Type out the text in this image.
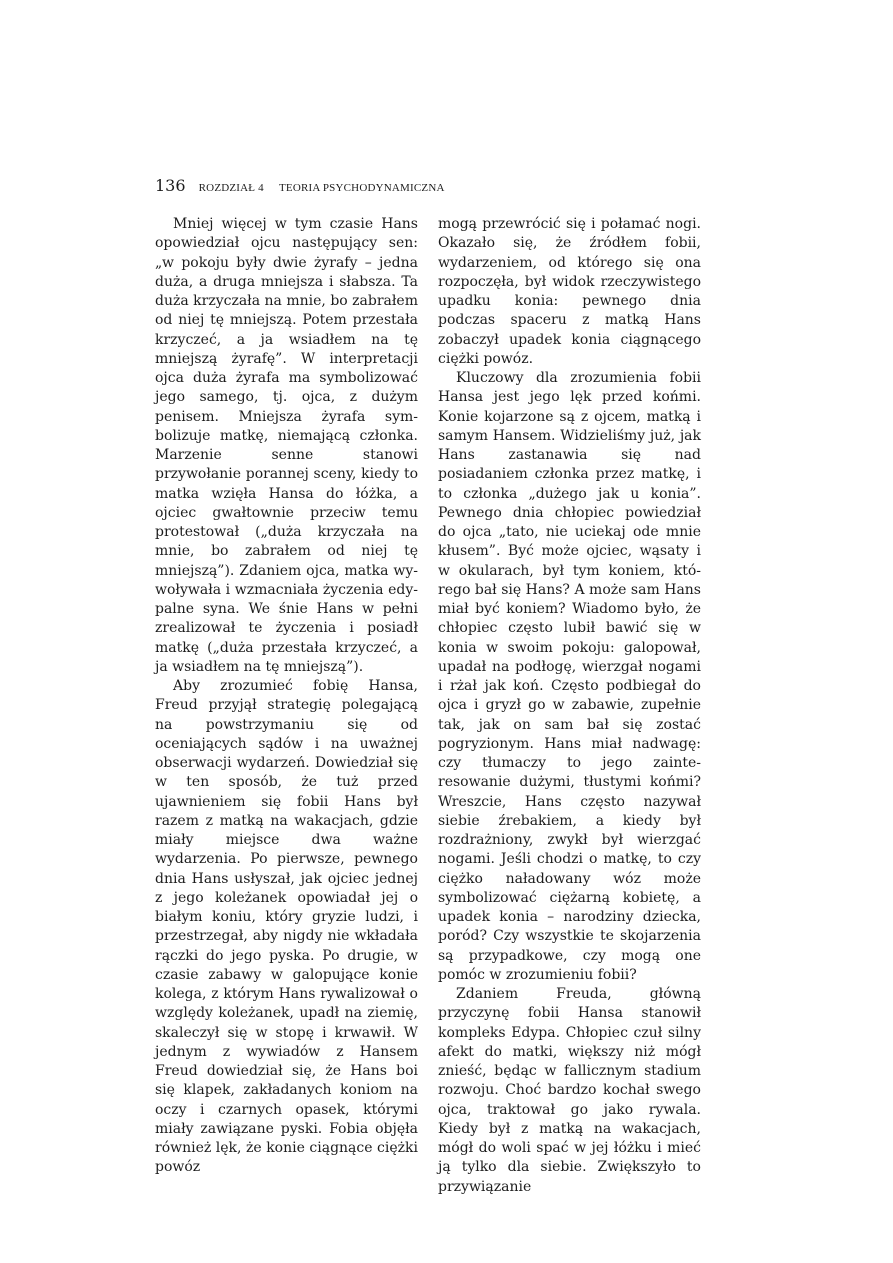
136 ROZDZIAŁ 4 TEORIA PSYCHODYNAMICZNA

Mniej więcej w tym czasie Hans opowiedział ojcu następujący sen: „w pokoju były dwie żyrafy – jedna duża, a druga mniejsza i słabsza. Ta duża krzyczała na mnie, bo zabrałem od niej tę mniejszą. Potem przestała krzyczeć, a ja wsiadłem na tę mniejszą żyrafę”. W interpretacji ojca duża żyrafa ma symbolizować jego samego, tj. ojca, z dużym penisem. Mniejsza żyrafa symbolizuje matkę, niemającą członka. Marzenie senne stanowi przywołanie porannej sceny, kiedy to matka wzięła Hansa do łóżka, a ojciec gwałtownie przeciw temu protestował („duża krzyczała na mnie, bo zabrałem od niej tę mniejszą”). Zdaniem ojca, matka wywoływała i wzmacniała życzenia edypalne syna. We śnie Hans w pełni zrealizował te życzenia i posiadł matkę („duża przestała krzyczeć, a ja wsiadłem na tę mniejszą”).

Aby zrozumieć fobię Hansa, Freud przyjął strategię polegającą na powstrzymaniu się od oceniających sądów i na uważnej obserwacji wydarzeń. Dowiedział się w ten sposób, że tuż przed ujawnieniem się fobii Hans był razem z matką na wakacjach, gdzie miały miejsce dwa ważne wydarzenia. Po pierwsze, pewnego dnia Hans usłyszał, jak ojciec jednej z jego koleżanek opowiadał jej o białym koniu, który gryzie ludzi, i przestrzegał, aby nigdy nie wkładała rączki do jego pyska. Po drugie, w czasie zabawy w galopujące konie kolega, z którym Hans rywalizował o względy koleżanek, upadł na ziemię, skaleczył się w stopę i krwawił. W jednym z wywiadów z Hansem Freud dowiedział się, że Hans boi się klapek, zakładanych koniom na oczy i czarnych opasek, którymi miały zawiązane pyski. Fobia objęła również lęk, że konie ciągnące ciężki powóz

mogą przewrócić się i połamać nogi. Okazało się, że źródłem fobii, wydarzeniem, od którego się ona rozpoczęła, był widok rzeczywistego upadku konia: pewnego dnia podczas spaceru z matką Hans zobaczył upadek konia ciągnącego ciężki powóz.

Kluczowy dla zrozumienia fobii Hansa jest jego lęk przed końmi. Konie kojarzone są z ojcem, matką i samym Hansem. Widzieliśmy już, jak Hans zastanawia się nad posiadaniem członka przez matkę, i to członka „dużego jak u konia”. Pewnego dnia chłopiec powiedział do ojca „tato, nie uciekaj ode mnie kłusem”. Być może ojciec, wąsaty i w okularach, był tym koniem, którego bał się Hans? A może sam Hans miał być koniem? Wiadomo było, że chłopiec często lubił bawić się w konia w swoim pokoju: galopował, upadał na podłogę, wierzgał nogami i rżał jak koń. Często podbiegał do ojca i gryzł go w zabawie, zupełnie tak, jak on sam bał się zostać pogryzionym. Hans miał nadwagę: czy tłumaczy to jego zainteresowanie dużymi, tłustymi końmi? Wreszcie, Hans często nazywał siebie źrebakiem, a kiedy był rozdrażniony, zwykł był wierzgać nogami. Jeśli chodzi o matkę, to czy ciężko naładowany wóz może symbolizować ciężarną kobietę, a upadek konia – narodziny dziecka, poród? Czy wszystkie te skojarzenia są przypadkowe, czy mogą one pomóc w zrozumieniu fobii?

Zdaniem Freuda, główną przyczynę fobii Hansa stanowił kompleks Edypa. Chłopiec czuł silny afekt do matki, większy niż mógł znieść, będąc w fallicznym stadium rozwoju. Choć bardzo kochał swego ojca, traktował go jako rywala. Kiedy był z matką na wakacjach, mógł do woli spać w jej łóżku i mieć ją tylko dla siebie. Zwiększyło to przywiązanie
